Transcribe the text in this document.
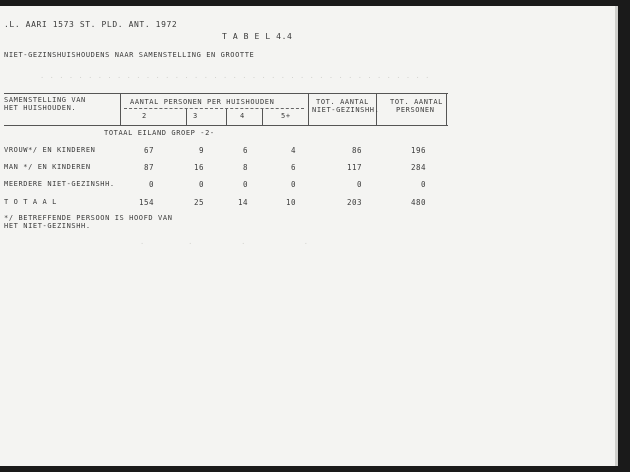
.L. AARI 1573 ST. PLD. ANT. 1972
T A B E L 4.4
NIET-GEZINSHUISHOUDENS NAAR SAMENSTELLING EN GROOTTE
. . . . . . . . . . . . . . . . . . . . . . . . . . . . . . . . . . . . . . . . .
SAMENSTELLING VAN
HET HUISHOUDEN.
AANTAL PERSONEN PER HUISHOUDEN	TOT. AANTAL
NIET-GEZINSHH.
TOT. AANTAL
PERSONEN
2	3	4	5+
TOTAAL EILAND GROEP -2-
VROUW*/ EN KINDEREN	67	9	6	4	86	196
MAN */ EN KINDEREN	87	16	8	6	117	284
MEERDERE NIET-GEZINSHH.	0	0	0	0	0	0
T O T A A L	154	25	14	10	203	480
*/ BETREFFENDE PERSOON IS HOOFD VAN
HET NIET-GEZINSHH.
.         .          .            .
